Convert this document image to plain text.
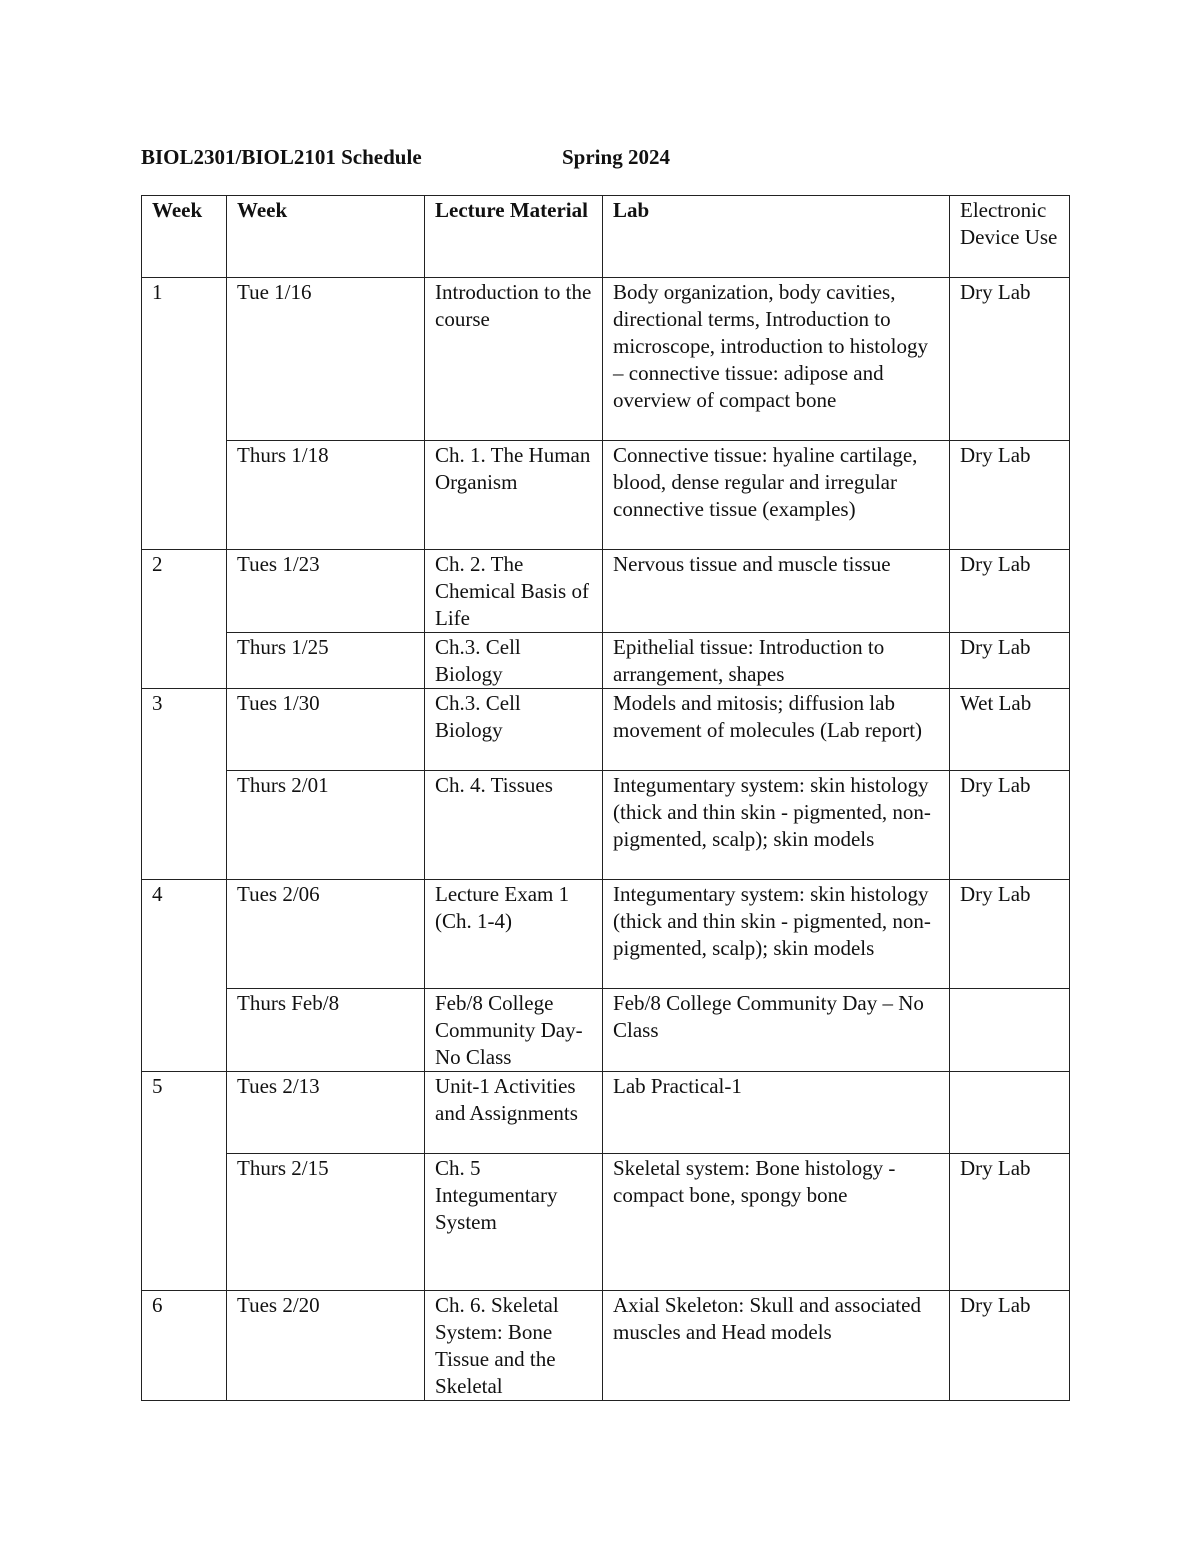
BIOL2301/BIOL2101 Schedule	Spring 2024
Week	Week	Lecture Material	Lab	Electronic Device Use
1	Tue 1/16	Introduction to the course	Body organization, body cavities, directional terms, Introduction to microscope, introduction to histology – connective tissue: adipose and overview of compact bone	Dry Lab
	Thurs 1/18	Ch. 1. The Human Organism	Connective tissue: hyaline cartilage, blood, dense regular and irregular connective tissue (examples)	Dry Lab
2	Tues 1/23	Ch. 2. The Chemical Basis of Life	Nervous tissue and muscle tissue	Dry Lab
	Thurs 1/25	Ch.3. Cell Biology	Epithelial tissue: Introduction to arrangement, shapes	Dry Lab
3	Tues 1/30	Ch.3. Cell Biology	Models and mitosis; diffusion lab movement of molecules (Lab report)	Wet Lab
	Thurs 2/01	Ch. 4. Tissues	Integumentary system: skin histology (thick and thin skin - pigmented, non-pigmented, scalp); skin models	Dry Lab
4	Tues 2/06	Lecture Exam 1 (Ch. 1-4)	Integumentary system: skin histology (thick and thin skin - pigmented, non-pigmented, scalp); skin models	Dry Lab
	Thurs Feb/8	Feb/8 College Community Day- No Class	Feb/8 College Community Day – No Class	
5	Tues 2/13	Unit-1 Activities and Assignments	Lab Practical-1	
	Thurs 2/15	Ch. 5 Integumentary System	Skeletal system: Bone histology - compact bone, spongy bone	Dry Lab
6	Tues 2/20	Ch. 6. Skeletal System: Bone Tissue and the Skeletal	Axial Skeleton: Skull and associated muscles and Head models	Dry Lab
